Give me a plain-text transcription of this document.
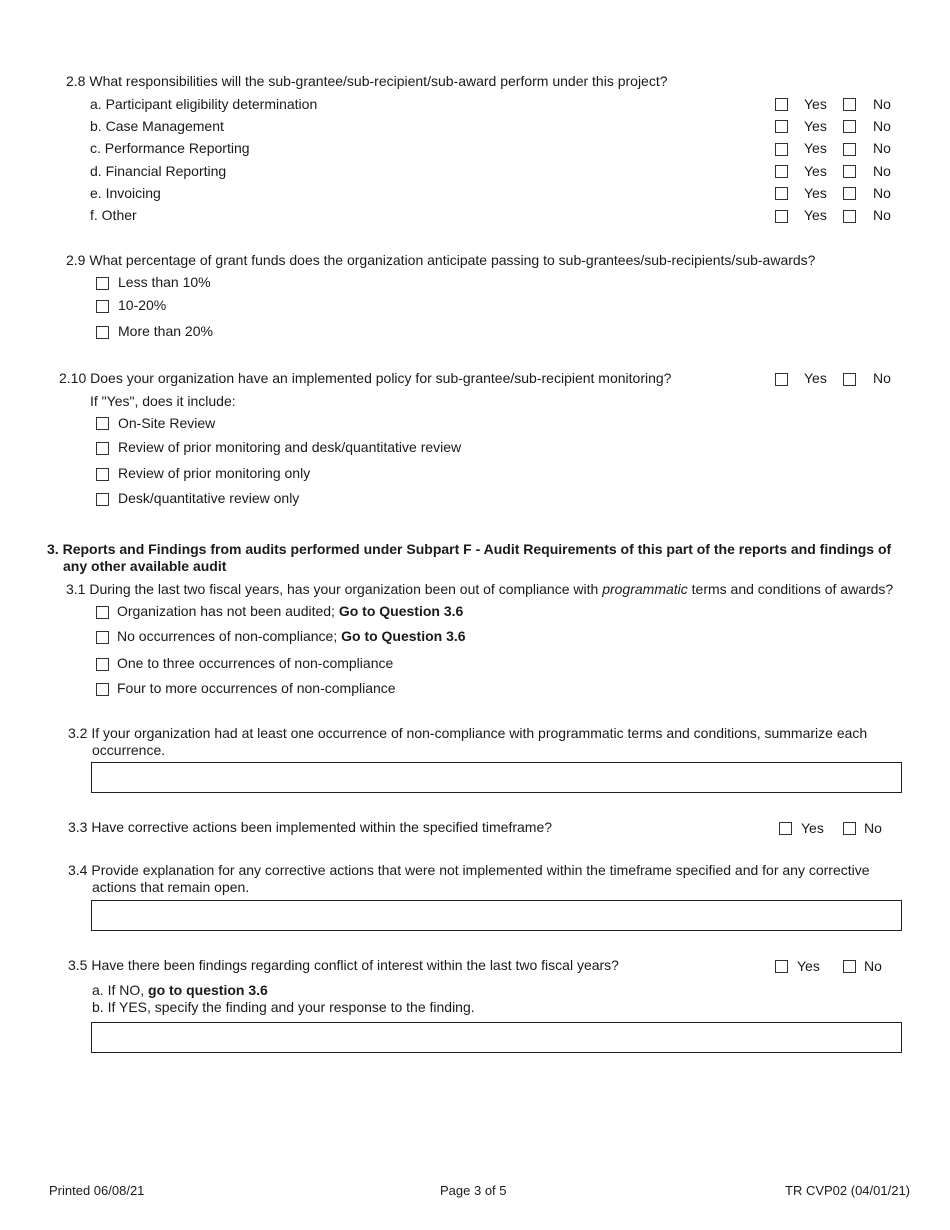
2.8 What responsibilities will the sub-grantee/sub-recipient/sub-award perform under this project?
a. Participant eligibility determination	Yes	No
b. Case Management	Yes	No
c. Performance Reporting	Yes	No
d. Financial Reporting	Yes	No
e. Invoicing	Yes	No
f. Other	Yes	No
2.9 What percentage of grant funds does the organization anticipate passing to sub-grantees/sub-recipients/sub-awards?
Less than 10%
10-20%
More than 20%
2.10 Does your organization have an implemented policy for sub-grantee/sub-recipient monitoring?	Yes	No
If "Yes", does it include:
On-Site Review
Review of prior monitoring and desk/quantitative review
Review of prior monitoring only
Desk/quantitative review only
3. Reports and Findings from audits performed under Subpart F - Audit Requirements of this part of the reports and findings of
any other available audit
3.1 During the last two fiscal years, has your organization been out of compliance with programmatic terms and conditions of awards?
Organization has not been audited; Go to Question 3.6
No occurrences of non-compliance; Go to Question 3.6
One to three occurrences of non-compliance
Four to more occurrences of non-compliance
3.2 If your organization had at least one occurrence of non-compliance with programmatic terms and conditions, summarize each
occurrence.
3.3 Have corrective actions been implemented within the specified timeframe?	Yes	No
3.4 Provide explanation for any corrective actions that were not implemented within the timeframe specified and for any corrective
actions that remain open.
3.5 Have there been findings regarding conflict of interest within the last two fiscal years?	Yes	No
a. If NO, go to question 3.6
b. If YES, specify the finding and your response to the finding.
Printed 06/08/21	Page 3 of 5	TR CVP02 (04/01/21)
